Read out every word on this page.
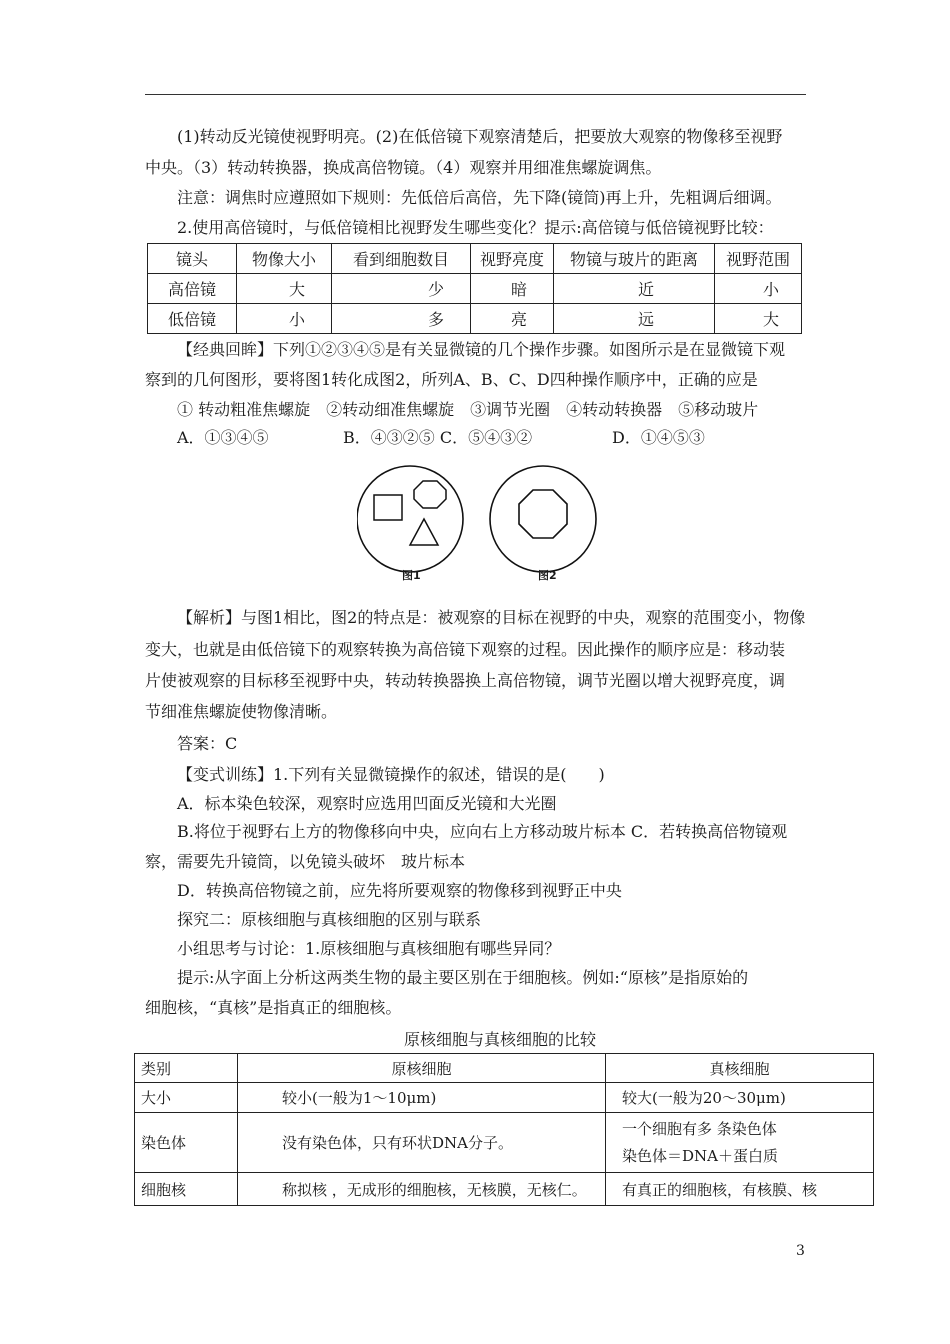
(1)转动反光镜使视野明亮。(2)在低倍镜下观察清楚后，把要放大观察的物像移至视野
中央。（3）转动转换器，换成高倍物镜。（4）观察并用细准焦螺旋调焦。
注意：调焦时应遵照如下规则：先低倍后高倍，先下降(镜筒)再上升，先粗调后细调。
2.使用高倍镜时，与低倍镜相比视野发生哪些变化？提示:高倍镜与低倍镜视野比较：
镜头	物像大小	看到细胞数目	视野亮度	物镜与玻片的距离	视野范围
高倍镜	大	少	暗	近	小
低倍镜	小	多	亮	远	大
【经典回眸】下列①②③④⑤是有关显微镜的几个操作步骤。如图所示是在显微镜下观
察到的几何图形，要将图1转化成图2，所列A、B、C、D四种操作顺序中，正确的应是
① 转动粗准焦螺旋　②转动细准焦螺旋　③调节光圈　④转动转换器　⑤移动玻片
A．①③④⑤	B．④③②⑤ C．⑤④③②	D．①④⑤③
图1	图2
【解析】与图1相比，图2的特点是：被观察的目标在视野的中央，观察的范围变小，物像
变大，也就是由低倍镜下的观察转换为高倍镜下观察的过程。因此操作的顺序应是：移动装
片使被观察的目标移至视野中央，转动转换器换上高倍物镜，调节光圈以增大视野亮度，调
节细准焦螺旋使物像清晰。
答案：C
【变式训练】1.下列有关显微镜操作的叙述，错误的是(　　)
A．标本染色较深，观察时应选用凹面反光镜和大光圈
B.将位于视野右上方的物像移向中央，应向右上方移动玻片标本 C．若转换高倍物镜观
察，需要先升镜筒，以免镜头破坏　玻片标本
D．转换高倍物镜之前，应先将所要观察的物像移到视野正中央
探究二：原核细胞与真核细胞的区别与联系
小组思考与讨论：1.原核细胞与真核细胞有哪些异同？
提示:从字面上分析这两类生物的最主要区别在于细胞核。例如:“原核”是指原始的
细胞核，“真核”是指真正的细胞核。
原核细胞与真核细胞的比较
类别	原核细胞	真核细胞
大小	较小(一般为1～10μm)	较大(一般为20～30μm)
染色体	没有染色体，只有环状DNA分子。	一个细胞有多 条染色体
染色体＝DNA＋蛋白质

细胞核	称拟核 ，无成形的细胞核，无核膜，无核仁。	有真正的细胞核，有核膜、核
3
